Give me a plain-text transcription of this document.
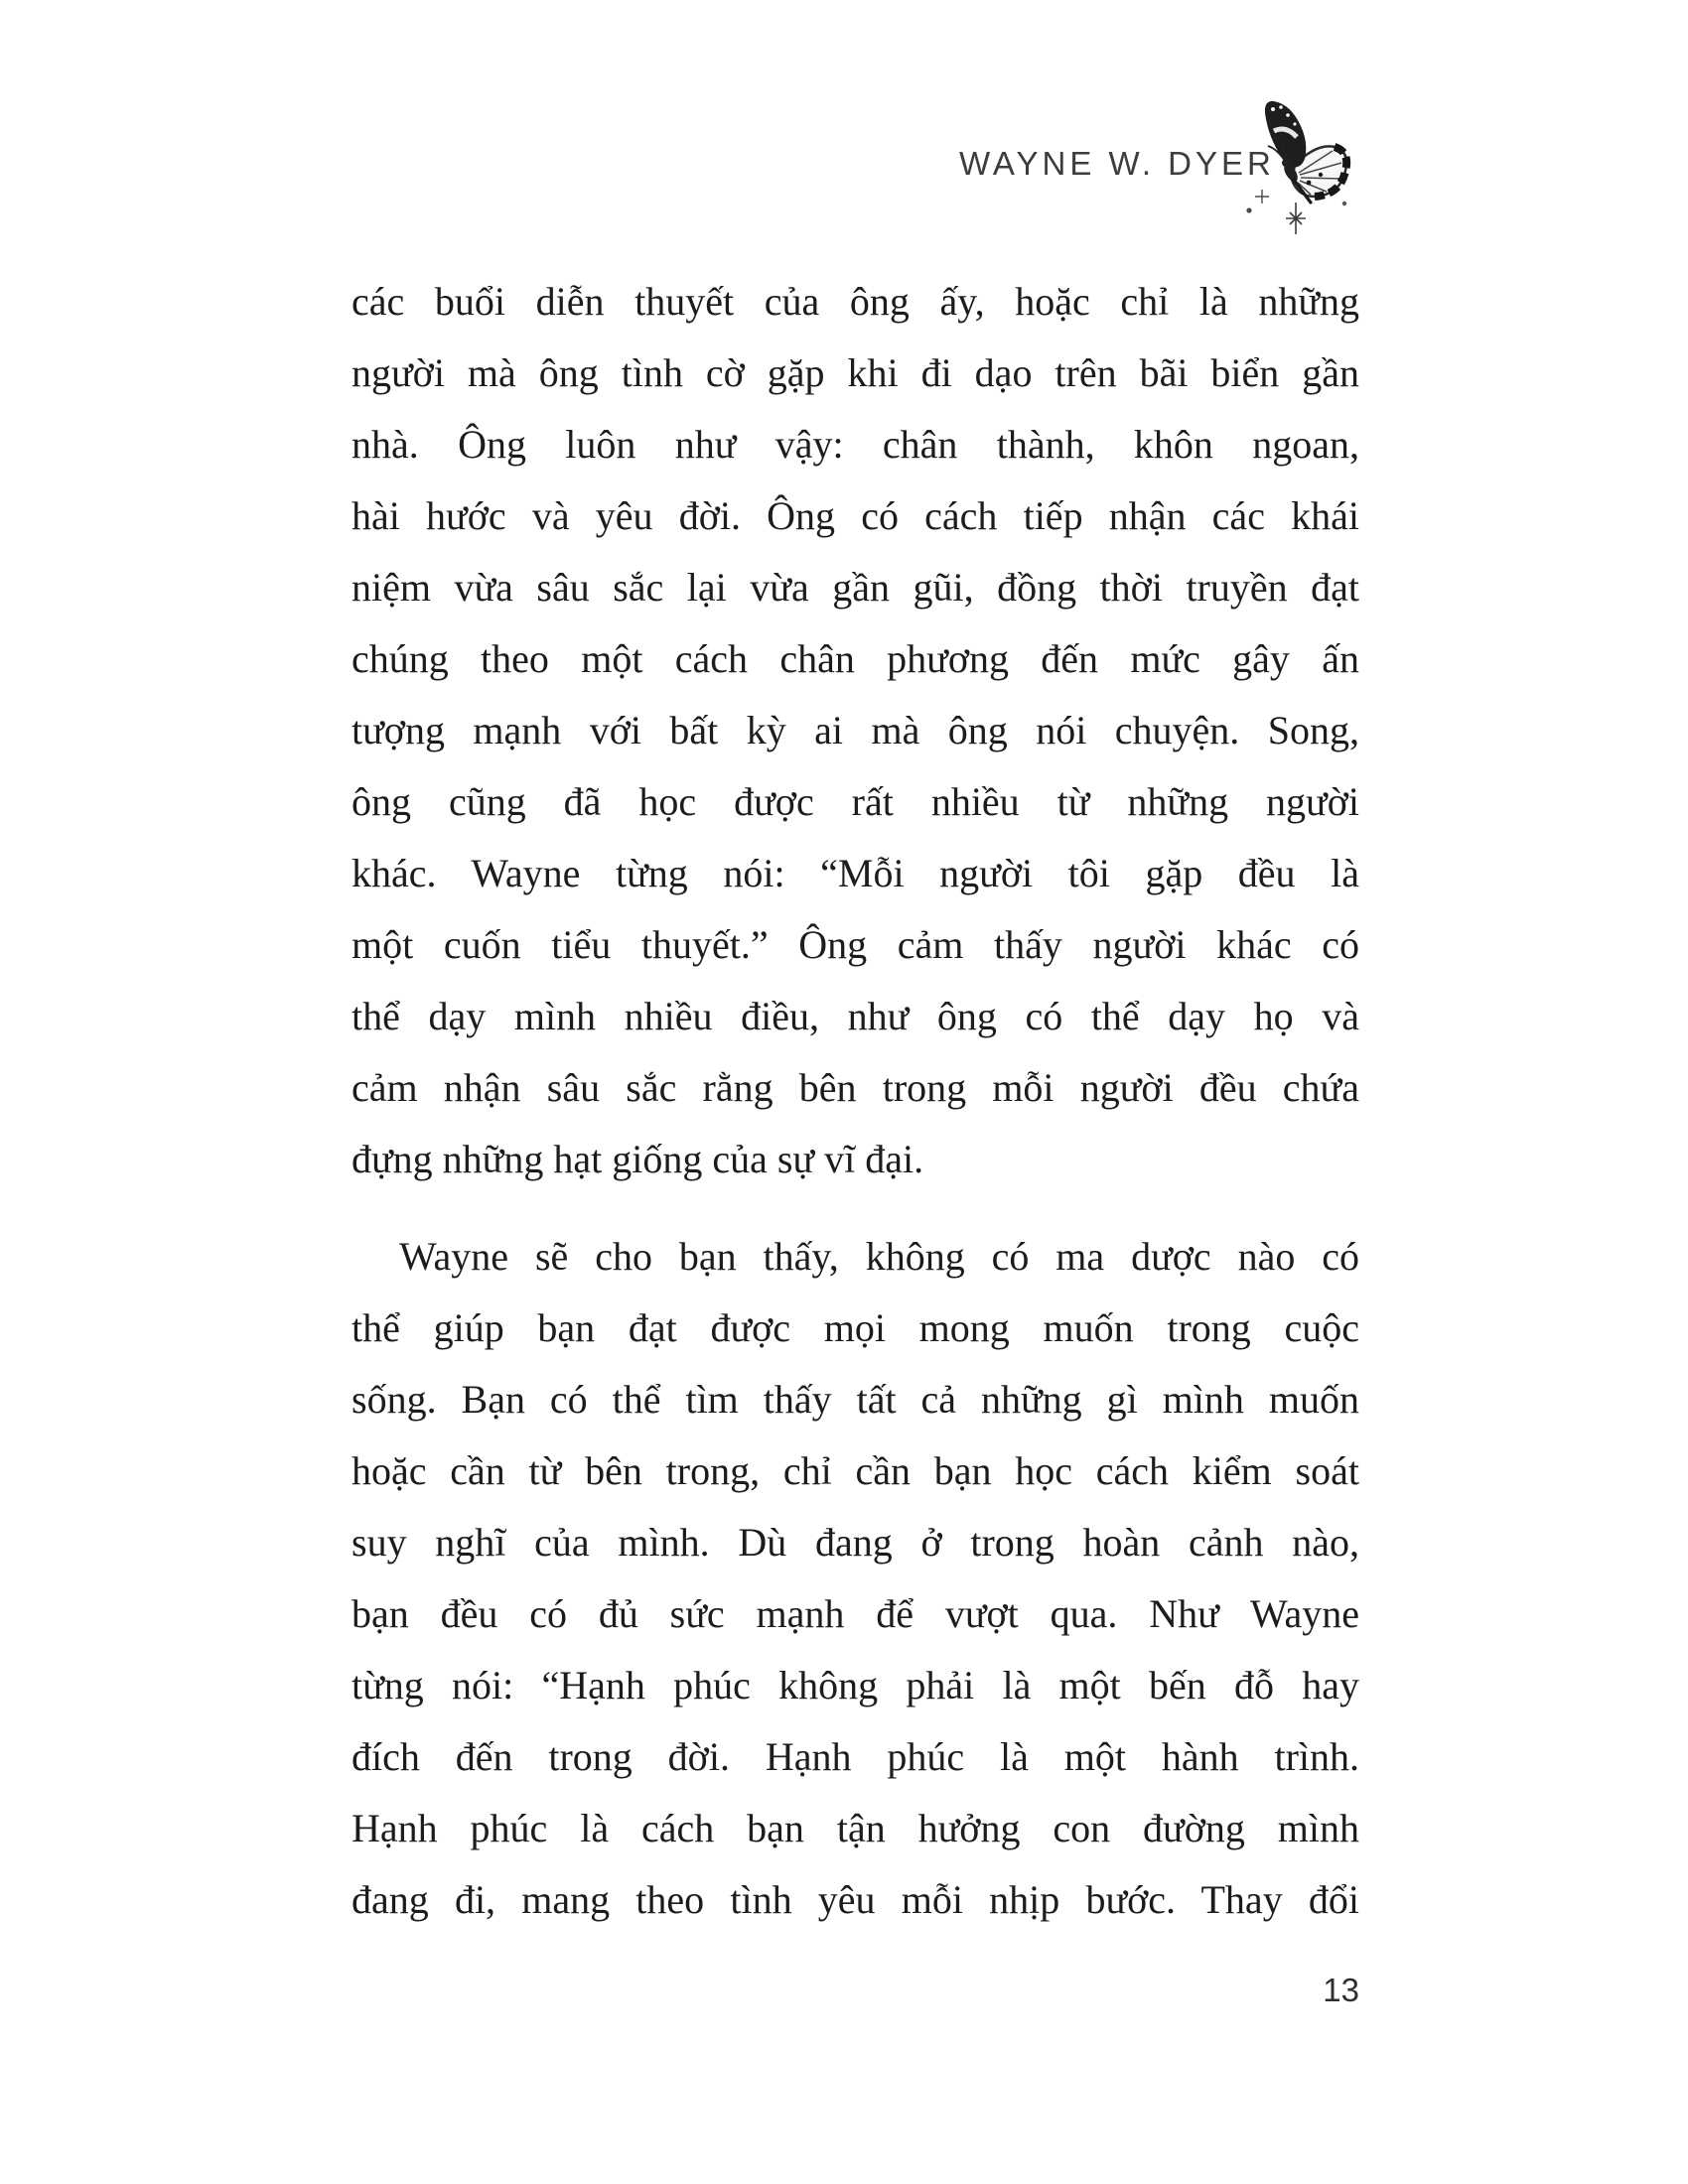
WAYNE W. DYER
các buổi diễn thuyết của ông ấy, hoặc chỉ là những
người mà ông tình cờ gặp khi đi dạo trên bãi biển gần
nhà. Ông luôn như vậy: chân thành, khôn ngoan,
hài hước và yêu đời. Ông có cách tiếp nhận các khái
niệm vừa sâu sắc lại vừa gần gũi, đồng thời truyền đạt
chúng theo một cách chân phương đến mức gây ấn
tượng mạnh với bất kỳ ai mà ông nói chuyện. Song,
ông cũng đã học được rất nhiều từ những người
khác. Wayne từng nói: “Mỗi người tôi gặp đều là
một cuốn tiểu thuyết.” Ông cảm thấy người khác có
thể dạy mình nhiều điều, như ông có thể dạy họ và
cảm nhận sâu sắc rằng bên trong mỗi người đều chứa
đựng những hạt giống của sự vĩ đại.
Wayne sẽ cho bạn thấy, không có ma dược nào có
thể giúp bạn đạt được mọi mong muốn trong cuộc
sống. Bạn có thể tìm thấy tất cả những gì mình muốn
hoặc cần từ bên trong, chỉ cần bạn học cách kiểm soát
suy nghĩ của mình. Dù đang ở trong hoàn cảnh nào,
bạn đều có đủ sức mạnh để vượt qua. Như Wayne
từng nói: “Hạnh phúc không phải là một bến đỗ hay
đích đến trong đời. Hạnh phúc là một hành trình.
Hạnh phúc là cách bạn tận hưởng con đường mình
đang đi, mang theo tình yêu mỗi nhịp bước. Thay đổi
13
